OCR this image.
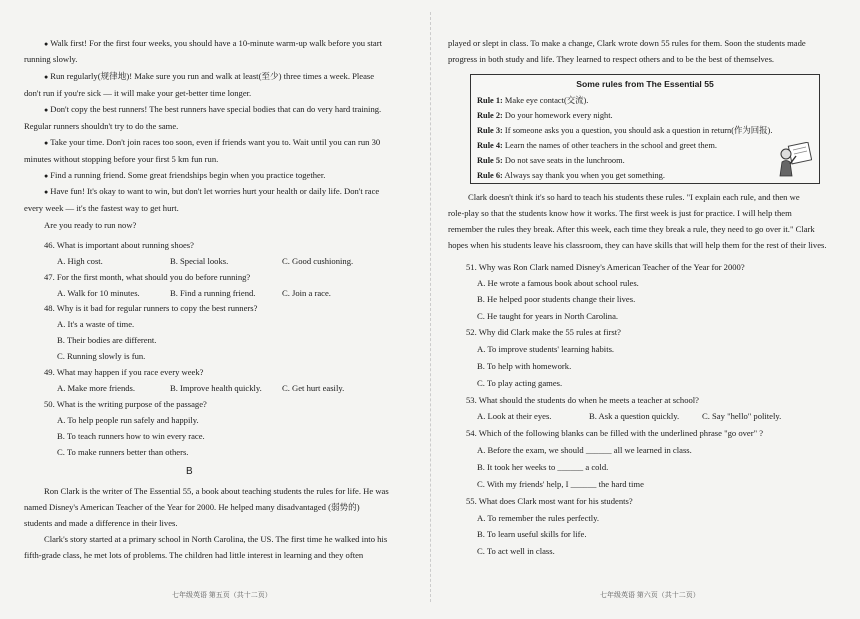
● Walk first! For the first four weeks, you should have a 10-minute warm-up walk before you start
running slowly.
● Run regularly(规律地)! Make sure you run and walk at least(至少) three times a week. Please
don't run if you're sick — it will make your get-better time longer.
● Don't copy the best runners! The best runners have special bodies that can do very hard training.
Regular runners shouldn't try to do the same.
● Take your time. Don't join races too soon, even if friends want you to. Wait until you can run 30
minutes without stopping before your first 5 km fun run.
● Find a running friend. Some great friendships begin when you practice together.
● Have fun! It's okay to want to win, but don't let worries hurt your health or daily life. Don't race
every week — it's the fastest way to get hurt.
Are you ready to run now?
46. What is important about running shoes?
A. High cost.	B. Special looks.	C. Good cushioning.
47. For the first month, what should you do before running?
A. Walk for 10 minutes.	B. Find a running friend.	C. Join a race.
48. Why is it bad for regular runners to copy the best runners?
A. It's a waste of time.
B. Their bodies are different.
C. Running slowly is fun.
49. What may happen if you race every week?
A. Make more friends.	B. Improve health quickly. C. Get hurt easily.
50. What is the writing purpose of the passage?
A. To help people run safely and happily.
B. To teach runners how to win every race.
C. To make runners better than others.
B
Ron Clark is the writer of The Essential 55, a book about teaching students the rules for life. He was
named Disney's American Teacher of the Year for 2000. He helped many disadvantaged (弱势的)
students and made a difference in their lives.
Clark's story started at a primary school in North Carolina, the US. The first time he walked into his
fifth-grade class, he met lots of problems. The children had little interest in learning and they often
七年级英语 第五页（共十二页）
played or slept in class. To make a change, Clark wrote down 55 rules for them. Soon the students made
progress in both study and life. They learned to respect others and to be the best of themselves.
Some rules from The Essential 55
Rule 1: Make eye contact(交流).
Rule 2: Do your homework every night.
Rule 3: If someone asks you a question, you should ask a question in return(作为回报).
Rule 4: Learn the names of other teachers in the school and greet them.
Rule 5: Do not save seats in the lunchroom.
Rule 6: Always say thank you when you get something.
Clark doesn't think it's so hard to teach his students these rules. "I explain each rule, and then we
role-play so that the students know how it works. The first week is just for practice. I will help them
remember the rules they break. After this week, each time they break a rule, they need to go over it." Clark
hopes when his students leave his classroom, they can have skills that will help them for the rest of their lives.
51. Why was Ron Clark named Disney's American Teacher of the Year for 2000?
A. He wrote a famous book about school rules.
B. He helped poor students change their lives.
C. He taught for years in North Carolina.
52. Why did Clark make the 55 rules at first?
A. To improve students' learning habits.
B. To help with homework.
C. To play acting games.
53. What should the students do when he meets a teacher at school?
A. Look at their eyes.	B. Ask a question quickly.	C. Say "hello" politely.
54. Which of the following blanks can be filled with the underlined phrase "go over" ?
A. Before the exam, we should ______ all we learned in class.
B. It took her weeks to ______ a cold.
C. With my friends' help, I ______ the hard time
55. What does Clark most want for his students?
A. To remember the rules perfectly.
B. To learn useful skills for life.
C. To act well in class.
七年级英语 第六页（共十二页）
